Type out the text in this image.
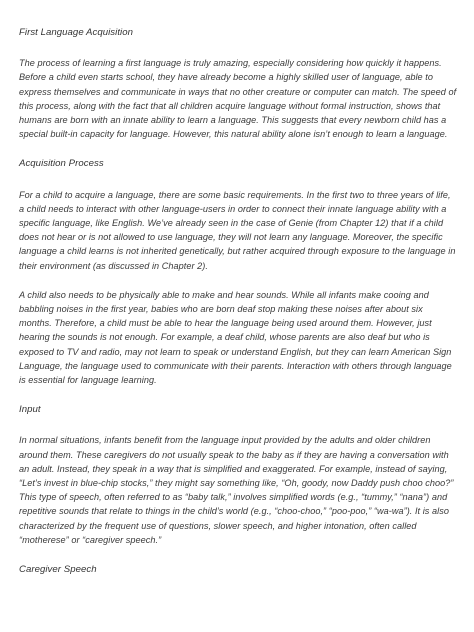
First Language Acquisition
The process of learning a first language is truly amazing, especially considering how quickly it happens. Before a child even starts school, they have already become a highly skilled user of language, able to express themselves and communicate in ways that no other creature or computer can match. The speed of this process, along with the fact that all children acquire language without formal instruction, shows that humans are born with an innate ability to learn a language. This suggests that every newborn child has a special built-in capacity for language. However, this natural ability alone isn’t enough to learn a language.
Acquisition Process
For a child to acquire a language, there are some basic requirements. In the first two to three years of life, a child needs to interact with other language-users in order to connect their innate language ability with a specific language, like English. We’ve already seen in the case of Genie (from Chapter 12) that if a child does not hear or is not allowed to use language, they will not learn any language. Moreover, the specific language a child learns is not inherited genetically, but rather acquired through exposure to the language in their environment (as discussed in Chapter 2).
A child also needs to be physically able to make and hear sounds. While all infants make cooing and babbling noises in the first year, babies who are born deaf stop making these noises after about six months. Therefore, a child must be able to hear the language being used around them. However, just hearing the sounds is not enough. For example, a deaf child, whose parents are also deaf but who is exposed to TV and radio, may not learn to speak or understand English, but they can learn American Sign Language, the language used to communicate with their parents. Interaction with others through language is essential for language learning.
Input
In normal situations, infants benefit from the language input provided by the adults and older children around them. These caregivers do not usually speak to the baby as if they are having a conversation with an adult. Instead, they speak in a way that is simplified and exaggerated. For example, instead of saying, “Let’s invest in blue-chip stocks,” they might say something like, “Oh, goody, now Daddy push choo choo?” This type of speech, often referred to as “baby talk,” involves simplified words (e.g., “tummy,” “nana”) and repetitive sounds that relate to things in the child’s world (e.g., “choo-choo,” “poo-poo,” “wa-wa”). It is also characterized by the frequent use of questions, slower speech, and higher intonation, often called “motherese” or “caregiver speech.”
Caregiver Speech
